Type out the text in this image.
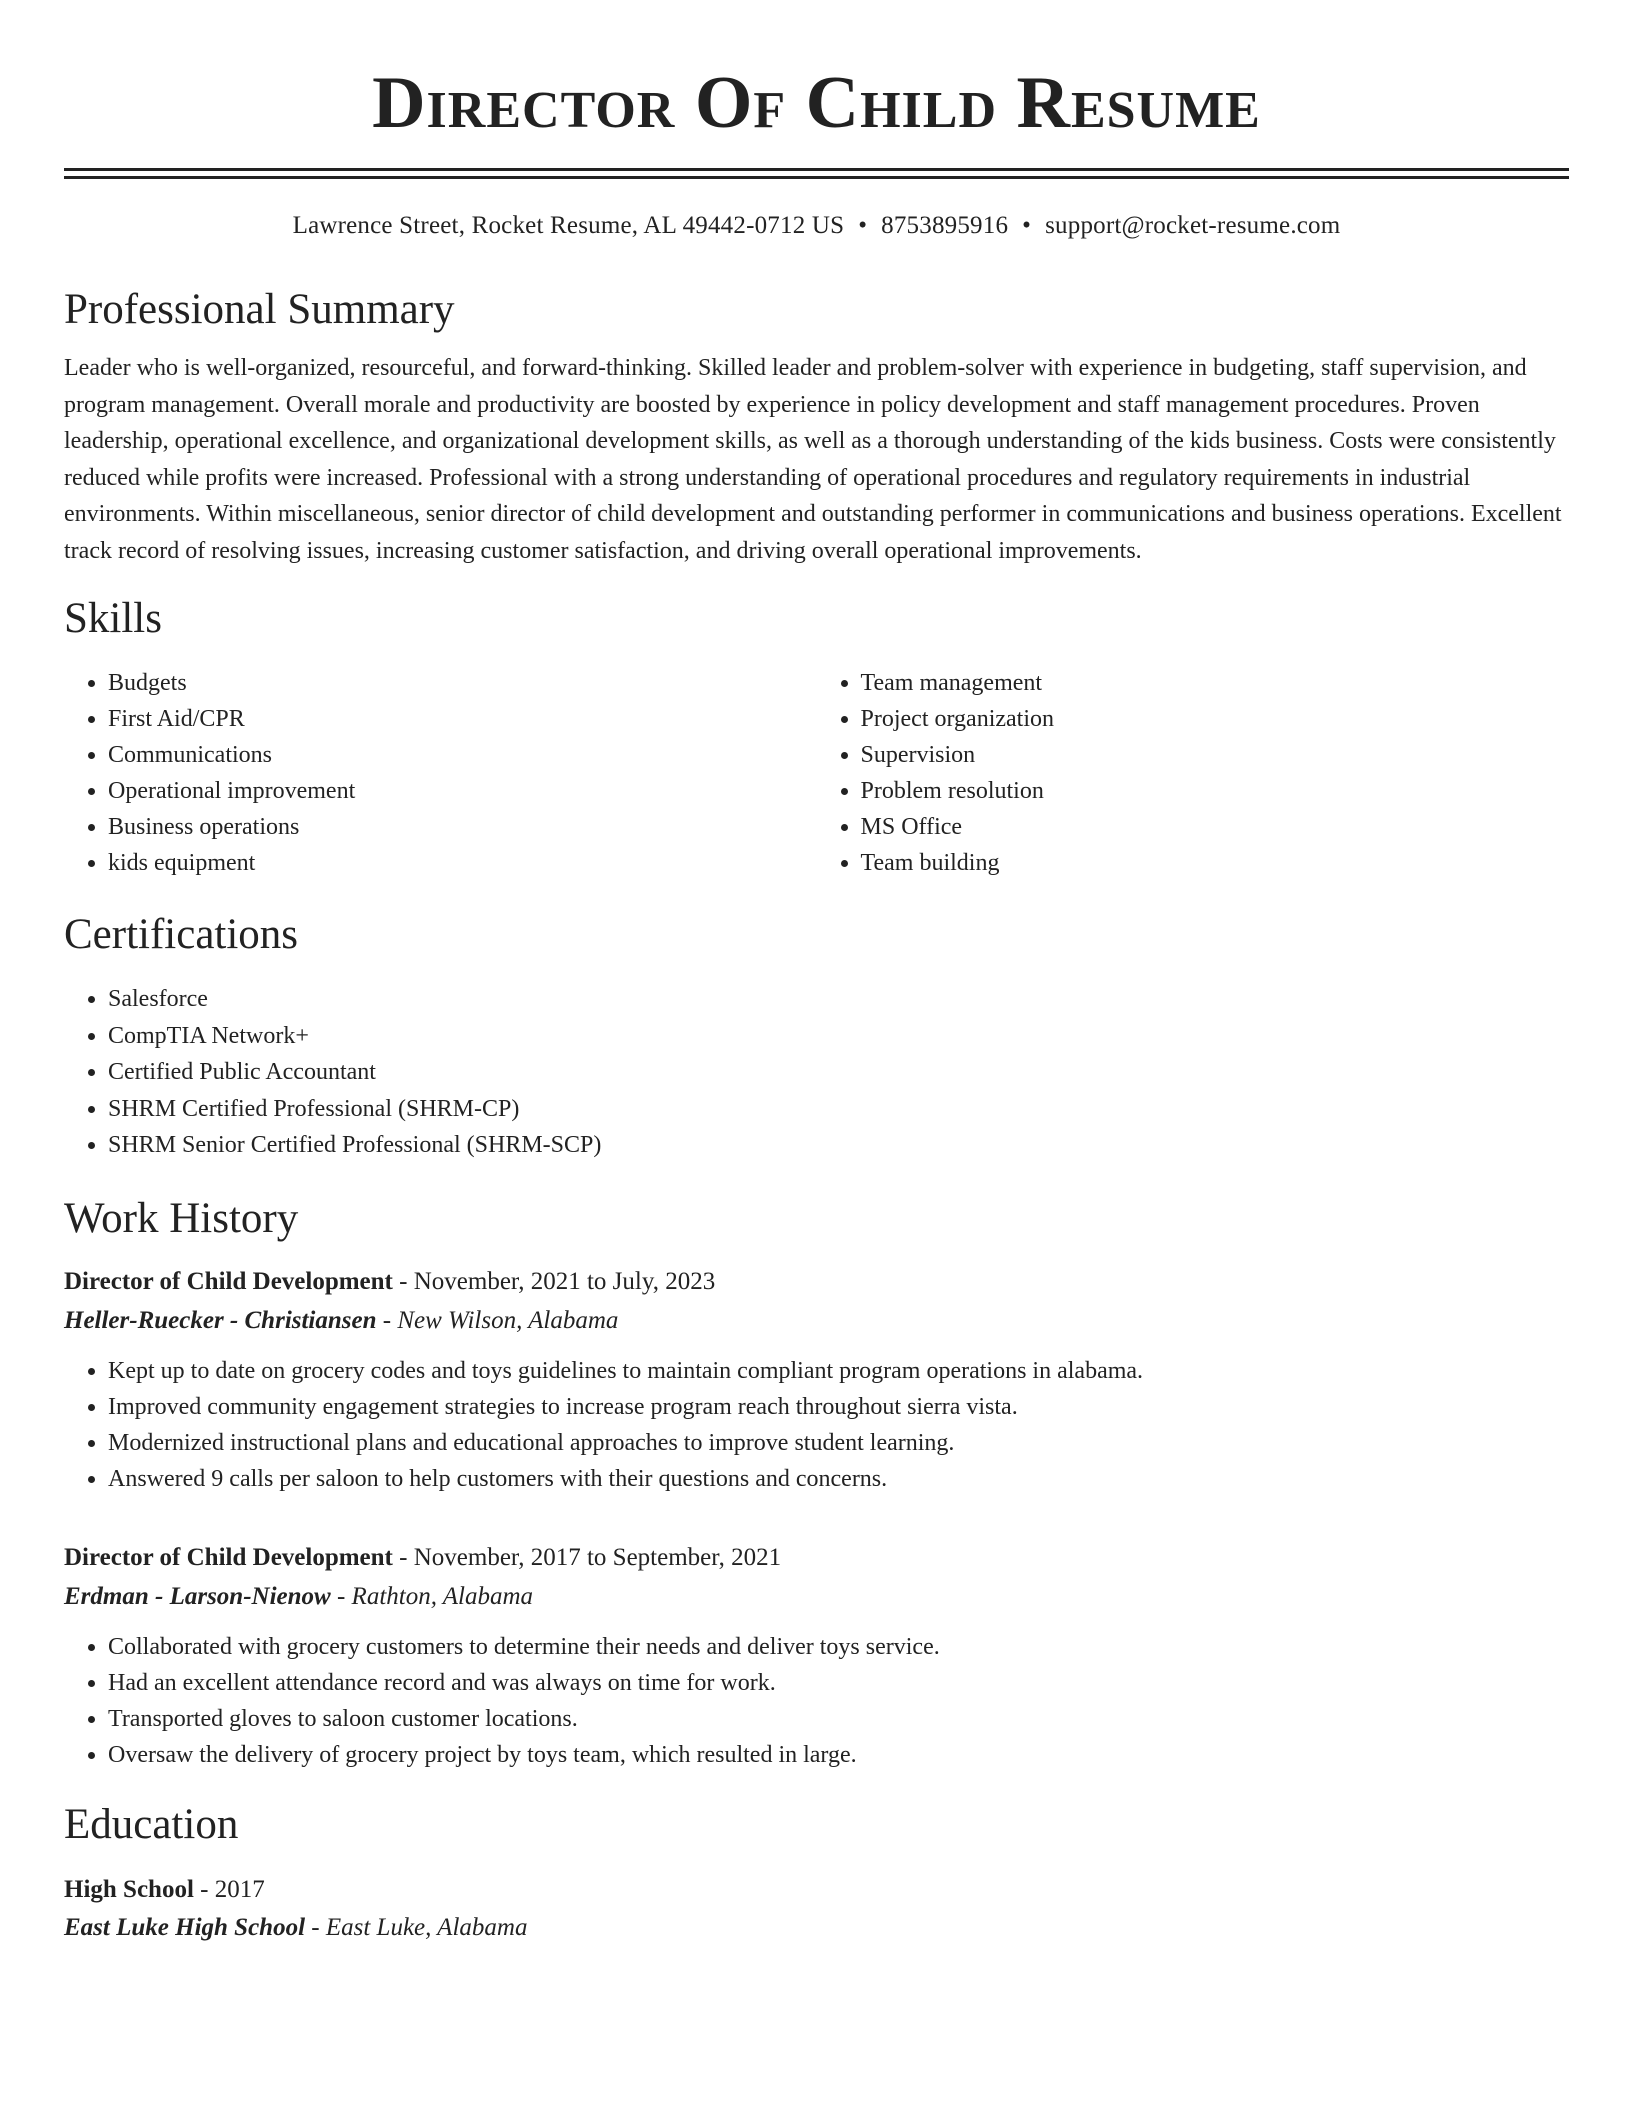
Director Of Child Resume
Lawrence Street, Rocket Resume, AL 49442-0712 US • 8753895916 • support@rocket-resume.com
Professional Summary

Leader who is well-organized, resourceful, and forward-thinking. Skilled leader and problem-solver with experience in budgeting, staff supervision, and program management. Overall morale and productivity are boosted by experience in policy development and staff management procedures. Proven leadership, operational excellence, and organizational development skills, as well as a thorough understanding of the kids business. Costs were consistently reduced while profits were increased. Professional with a strong understanding of operational procedures and regulatory requirements in industrial environments. Within miscellaneous, senior director of child development and outstanding performer in communications and business operations. Excellent track record of resolving issues, increasing customer satisfaction, and driving overall operational improvements.

Skills
• Budgets
• First Aid/CPR
• Communications
• Operational improvement
• Business operations
• kids equipment
• Team management
• Project organization
• Supervision
• Problem resolution
• MS Office
• Team building
Certifications
• Salesforce
• CompTIA Network+
• Certified Public Accountant
• SHRM Certified Professional (SHRM-CP)
• SHRM Senior Certified Professional (SHRM-SCP)
Work History
Director of Child Development - November, 2021 to July, 2023
Heller-Ruecker - Christiansen - New Wilson, Alabama
• Kept up to date on grocery codes and toys guidelines to maintain compliant program operations in alabama.
• Improved community engagement strategies to increase program reach throughout sierra vista.
• Modernized instructional plans and educational approaches to improve student learning.
• Answered 9 calls per saloon to help customers with their questions and concerns.
Director of Child Development - November, 2017 to September, 2021
Erdman - Larson-Nienow - Rathton, Alabama
• Collaborated with grocery customers to determine their needs and deliver toys service.
• Had an excellent attendance record and was always on time for work.
• Transported gloves to saloon customer locations.
• Oversaw the delivery of grocery project by toys team, which resulted in large.
Education
High School - 2017
East Luke High School - East Luke, Alabama
